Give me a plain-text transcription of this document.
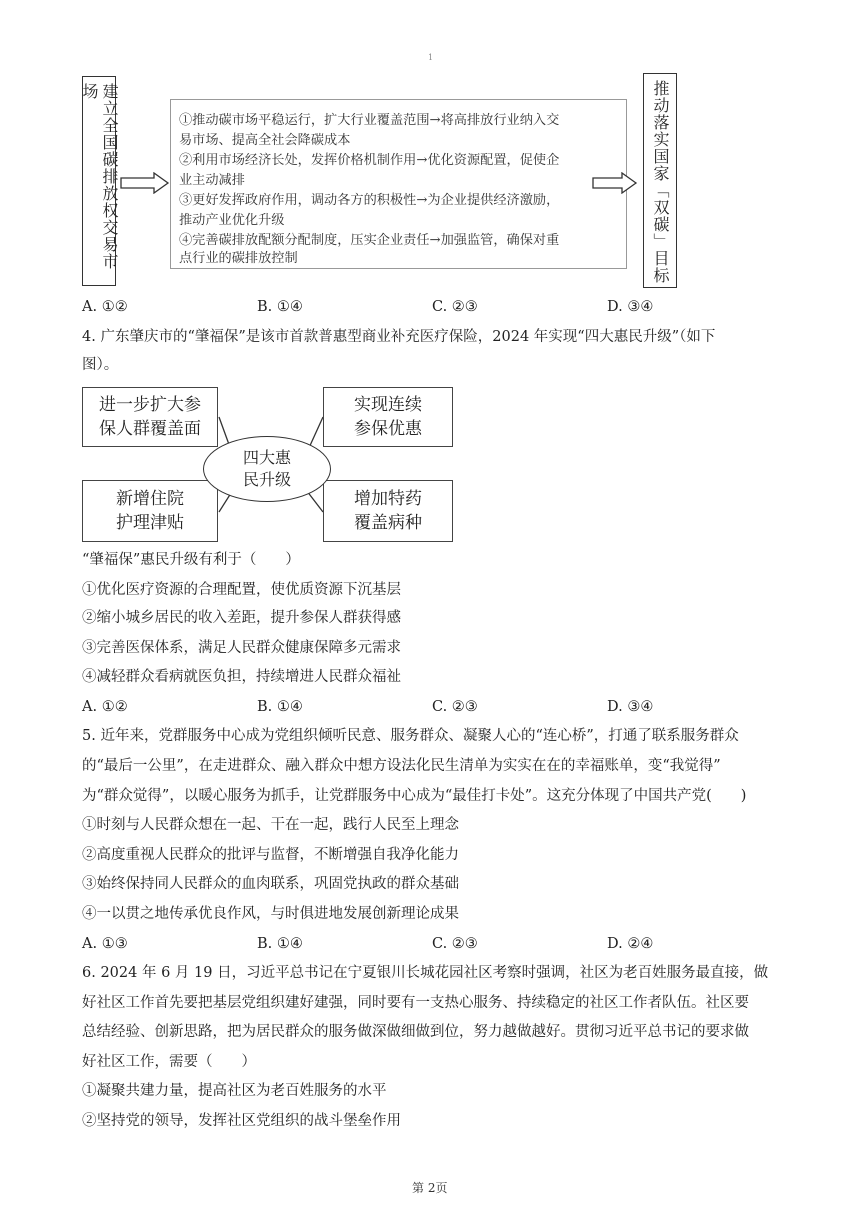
1
建立全国碳排放权交易市场
①推动碳市场平稳运行，扩大行业覆盖范围→将高排放行业纳入交
易市场、提高全社会降碳成本
②利用市场经济长处，发挥价格机制作用→优化资源配置，促使企
业主动减排
③更好发挥政府作用，调动各方的积极性→为企业提供经济激励，
推动产业优化升级
④完善碳排放配额分配制度，压实企业责任→加强监管，确保对重
点行业的碳排放控制	推动落实国家「双碳」目标
A. ①②	B. ①④	C. ②③	D. ③④
4. 广东肇庆市的“肇福保”是该市首款普惠型商业补充医疗保险，2024 年实现“四大惠民升级”（如下
图）。
进一步扩大参
保人群覆盖面
实现连续
参保优惠
新增住院
护理津贴
增加特药
覆盖病种
四大惠
民升级
“肇福保”惠民升级有利于（　　）
①优化医疗资源的合理配置，使优质资源下沉基层
②缩小城乡居民的收入差距，提升参保人群获得感
③完善医保体系，满足人民群众健康保障多元需求
④减轻群众看病就医负担，持续增进人民群众福祉
A. ①②	B. ①④	C. ②③	D. ③④
5. 近年来，党群服务中心成为党组织倾听民意、服务群众、凝聚人心的“连心桥”，打通了联系服务群众
的“最后一公里”，在走进群众、融入群众中想方设法化民生清单为实实在在的幸福账单，变“我觉得”
为“群众觉得”，以暖心服务为抓手，让党群服务中心成为“最佳打卡处”。这充分体现了中国共产党(　　)
①时刻与人民群众想在一起、干在一起，践行人民至上理念
②高度重视人民群众的批评与监督，不断增强自我净化能力
③始终保持同人民群众的血肉联系，巩固党执政的群众基础
④一以贯之地传承优良作风，与时俱进地发展创新理论成果
A. ①③	B. ①④	C. ②③	D. ②④
6. 2024 年 6 月 19 日，习近平总书记在宁夏银川长城花园社区考察时强调，社区为老百姓服务最直接，做
好社区工作首先要把基层党组织建好建强，同时要有一支热心服务、持续稳定的社区工作者队伍。社区要
总结经验、创新思路，把为居民群众的服务做深做细做到位，努力越做越好。贯彻习近平总书记的要求做
好社区工作，需要（　　）
①凝聚共建力量，提高社区为老百姓服务的水平
②坚持党的领导，发挥社区党组织的战斗堡垒作用
第 2页
